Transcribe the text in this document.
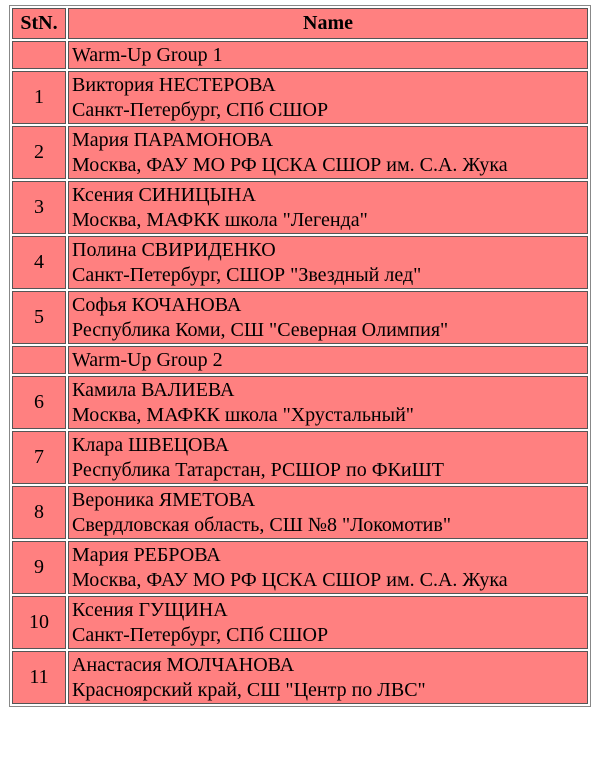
StN.	Name
	Warm-Up Group 1
1	Виктория НЕСТЕРОВА
Санкт-Петербург, СПб СШОР

2	Мария ПАРАМОНОВА
Москва, ФАУ МО РФ ЦСКА СШОР им. С.А. Жука

3	Ксения СИНИЦЫНА
Москва, МАФКК школа "Легенда"

4	Полина СВИРИДЕНКО
Санкт-Петербург, СШОР "Звездный лед"

5	Софья КОЧАНОВА
Республика Коми, СШ "Северная Олимпия"

	Warm-Up Group 2
6	Камила ВАЛИЕВА
Москва, МАФКК школа "Хрустальный"

7	Клара ШВЕЦОВА
Республика Татарстан, РСШОР по ФКиШТ

8	Вероника ЯМЕТОВА
Свердловская область, СШ №8 "Локомотив"

9	Мария РЕБРОВА
Москва, ФАУ МО РФ ЦСКА СШОР им. С.А. Жука

10	Ксения ГУЩИНА
Санкт-Петербург, СПб СШОР

11	Анастасия МОЛЧАНОВА
Красноярский край, СШ "Центр по ЛВС"
